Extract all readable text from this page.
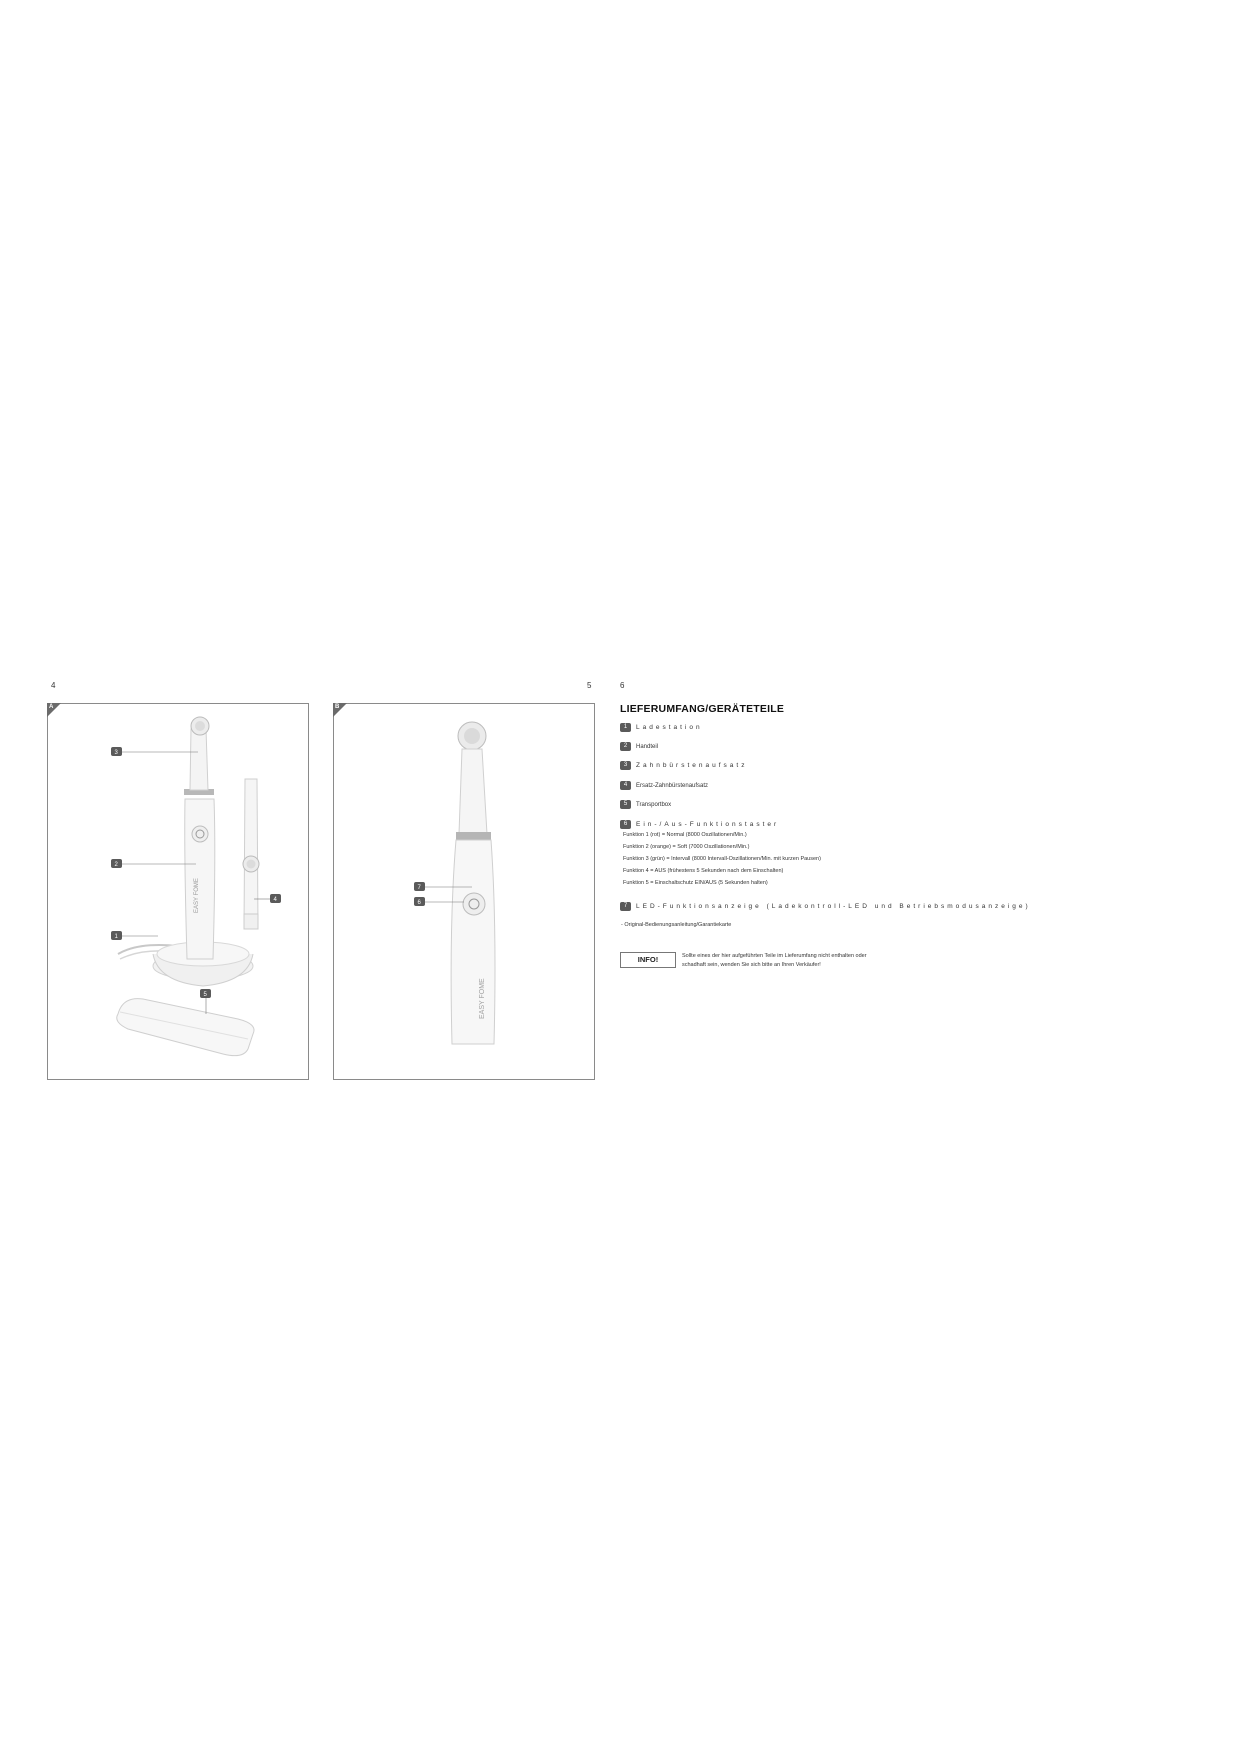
4	5	6
A
EASY FOME
3
2
4
1
5
B
EASY FOME
7
6
LIEFERUMFANG/GERÄTETEILE
1	Ladestation
2	Handteil
3	Zahnbürstenaufsatz
4	Ersatz-Zahnbürstenaufsatz
5	Transportbox
6	Ein-/Aus-Funktionstaster
Funktion 1 (rot) = Normal (8000 Oszillationen/Min.)
Funktion 2 (orange) = Soft (7000 Oszillationen/Min.)
Funktion 3 (grün) = Intervall (8000 Intervall-Oszillationen/Min. mit kurzen Pausen)
Funktion 4 = AUS (frühestens 5 Sekunden nach dem Einschalten)
Funktion 5 = Einschaltschutz EIN/AUS (5 Sekunden halten)
7	LED-Funktionsanzeige (Ladekontroll-LED und Betriebsmodusanzeige)
- Original-Bedienungsanleitung/Garantiekarte
INFO!	Sollte eines der hier aufgeführten Teile im Lieferumfang nicht enthalten oder
schadhaft sein, wenden Sie sich bitte an Ihren Verkäufer!
